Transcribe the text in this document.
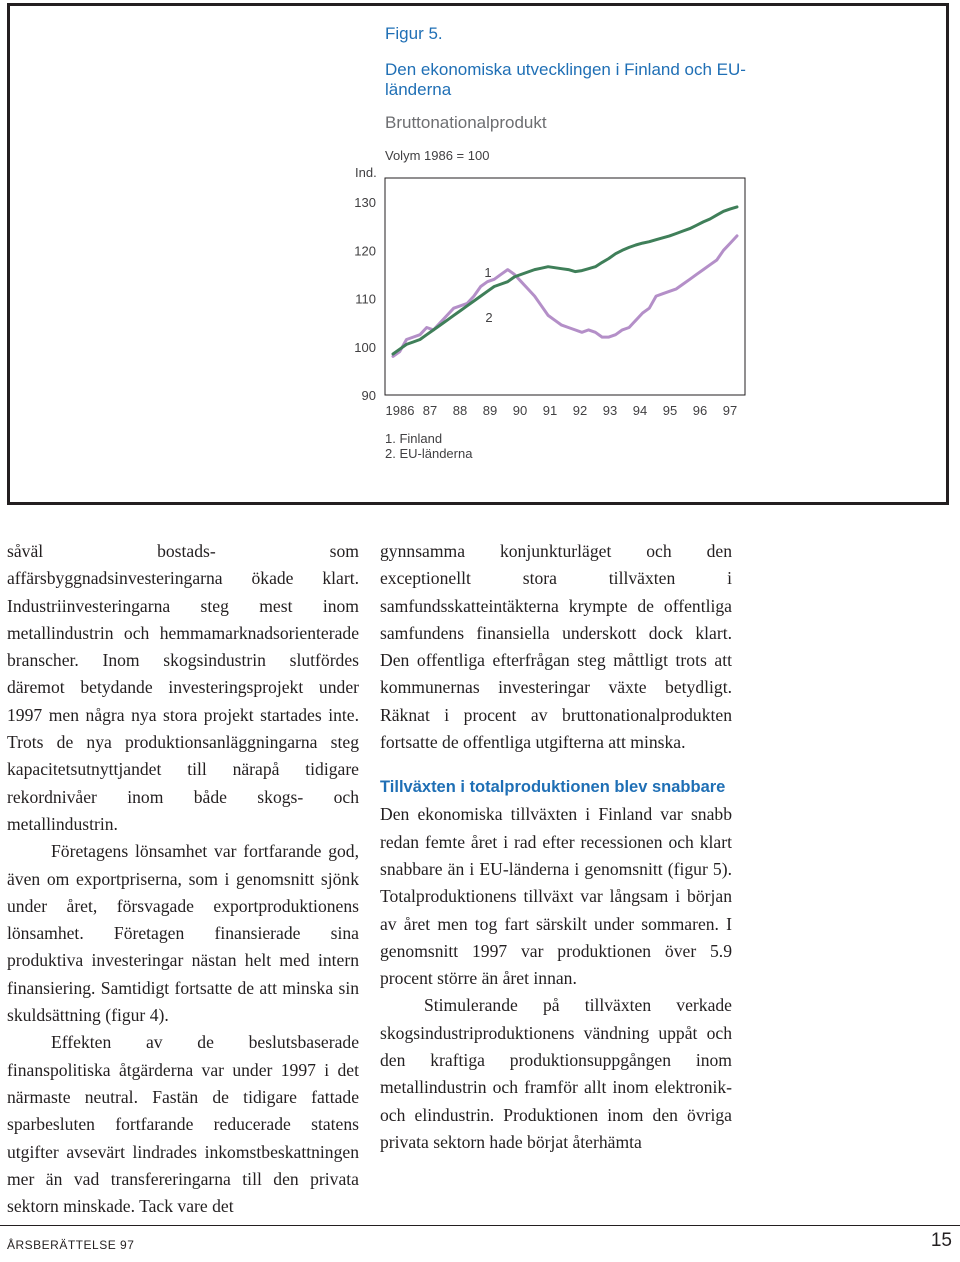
Figur 5.
Den ekonomiska utvecklingen i Finland och EU-länderna
Bruttonationalprodukt
Ind.
Volym 1986 = 100
130
120
110
100
90
1986 87 88 89 90 91 92 93 94 95 96 97
1
2
1. Finland
2. EU-länderna

såväl bostads- som affärsbyggnadsinvesteringarna ökade klart. Industriinvesteringarna steg mest inom metallindustrin och hemmamarknadsorienterade branscher. Inom skogsindustrin slutfördes däremot betydande investeringsprojekt under 1997 men några nya stora projekt startades inte. Trots de nya produktionsanläggningarna steg kapacitetsutnyttjandet till närapå tidigare rekordnivåer inom både skogs- och metallindustrin.

Företagens lönsamhet var fortfarande god, även om exportpriserna, som i genomsnitt sjönk under året, försvagade exportproduktionens lönsamhet. Företagen finansierade sina produktiva investeringar nästan helt med intern finansiering. Samtidigt fortsatte de att minska sin skuldsättning (figur 4).

Effekten av de beslutsbaserade finanspolitiska åtgärderna var under 1997 i det närmaste neutral. Fastän de tidigare fattade sparbesluten fortfarande reducerade statens utgifter avsevärt lindrades inkomstbeskattningen mer än vad transfereringarna till den privata sektorn minskade. Tack vare det

gynnsamma konjunkturläget och den exceptionellt stora tillväxten i samfundsskatteintäkterna krympte de offentliga samfundens finansiella underskott dock klart. Den offentliga efterfrågan steg måttligt trots att kommunernas investeringar växte betydligt. Räknat i procent av bruttonationalprodukten fortsatte de offentliga utgifterna att minska.

Tillväxten i totalproduktionen blev snabbare

Den ekonomiska tillväxten i Finland var snabb redan femte året i rad efter recessionen och klart snabbare än i EU-länderna i genomsnitt (figur 5). Totalproduktionens tillväxt var långsam i början av året men tog fart särskilt under sommaren. I genomsnitt 1997 var produktionen över 5.9 procent större än året innan.

Stimulerande på tillväxten verkade skogsindustriproduktionens vändning uppåt och den kraftiga produktionsuppgången inom metallindustrin och framför allt inom elektronik- och elindustrin. Produktionen inom den övriga privata sektorn hade börjat återhämta

ÅRSBERÄTTELSE 97	15
